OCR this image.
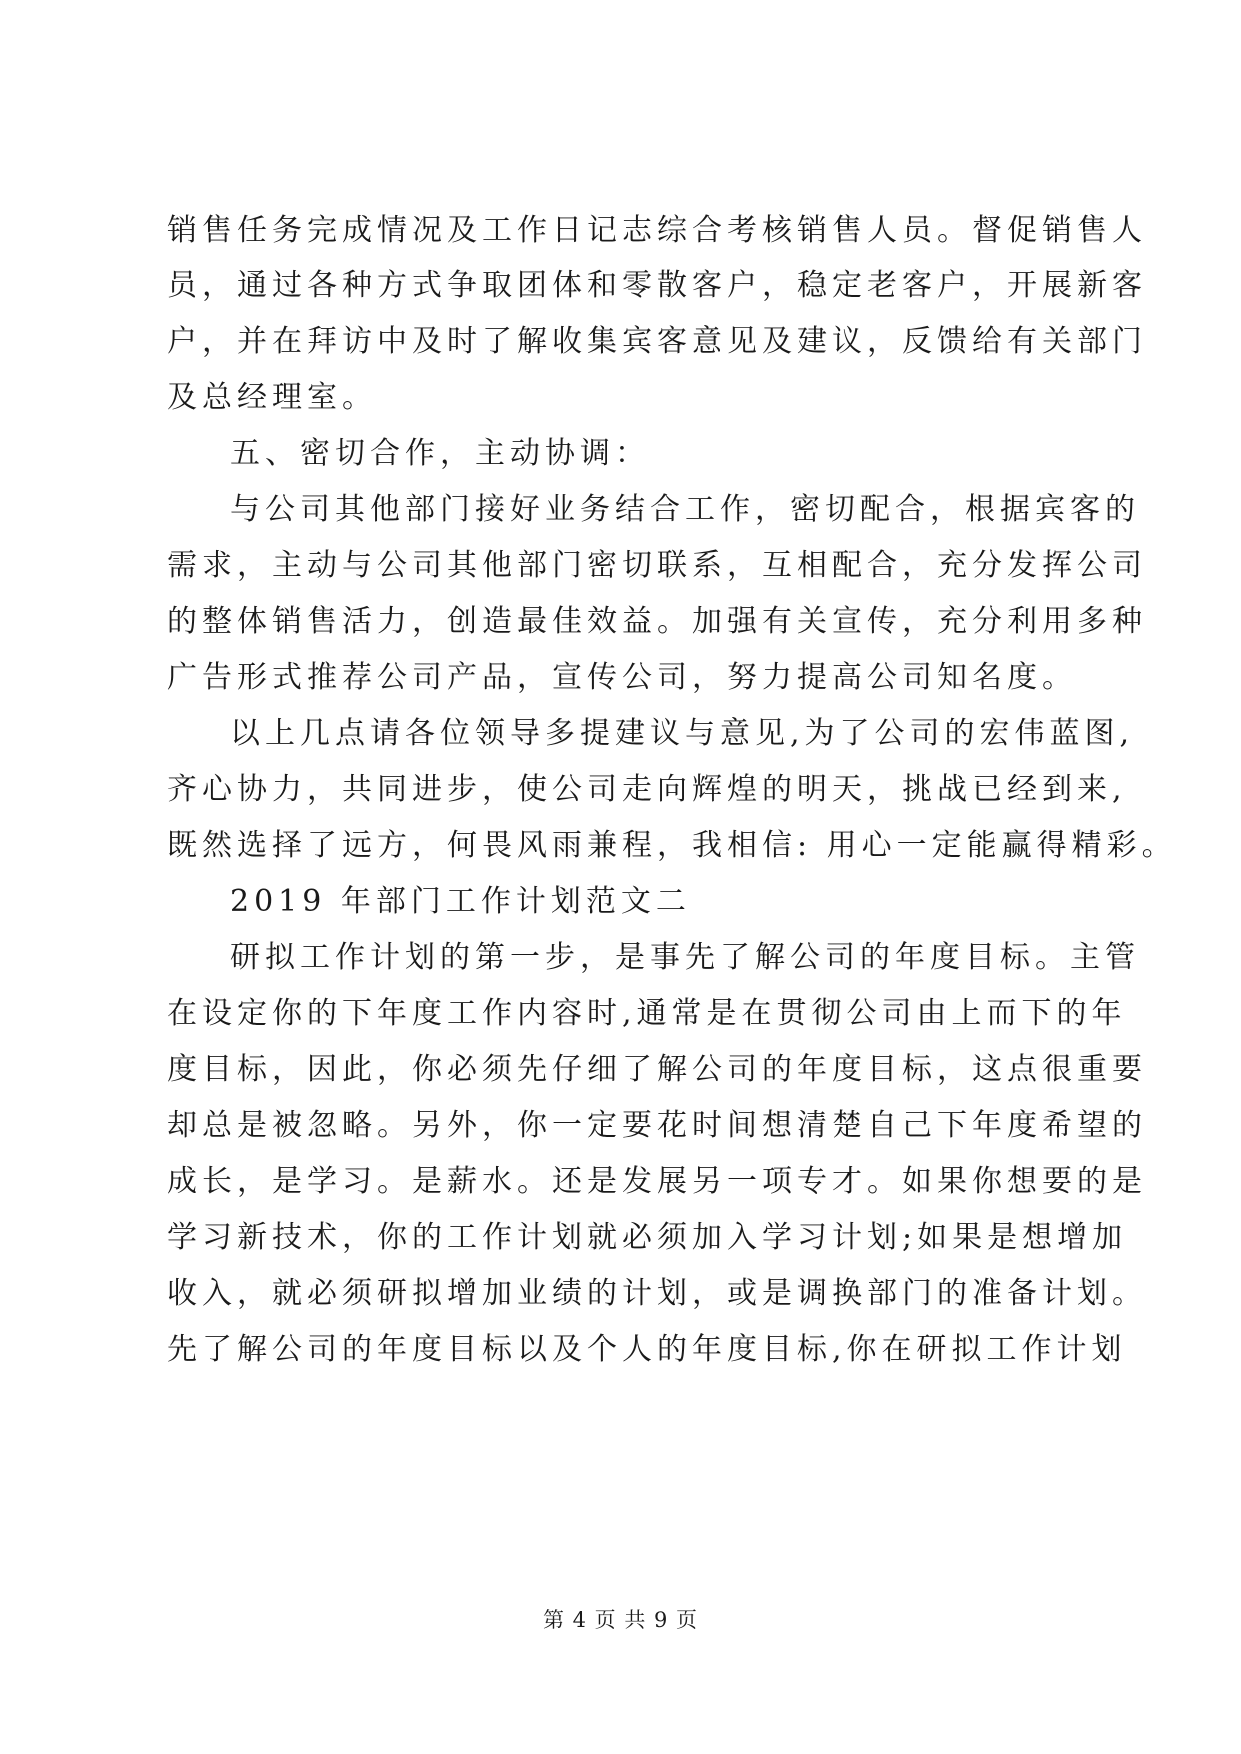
销售任务完成情况及工作日记志综合考核销售人员。督促销售人
员，通过各种方式争取团体和零散客户，稳定老客户，开展新客
户，并在拜访中及时了解收集宾客意见及建议，反馈给有关部门
及总经理室。
五、密切合作，主动协调：
与公司其他部门接好业务结合工作，密切配合，根据宾客的
需求，主动与公司其他部门密切联系，互相配合，充分发挥公司
的整体销售活力，创造最佳效益。加强有关宣传，充分利用多种
广告形式推荐公司产品，宣传公司，努力提高公司知名度。
以上几点请各位领导多提建议与意见,为了公司的宏伟蓝图,
齐心协力，共同进步，使公司走向辉煌的明天，挑战已经到来,
既然选择了远方，何畏风雨兼程，我相信: 用心一定能赢得精彩。
2019 年部门工作计划范文二
研拟工作计划的第一步，是事先了解公司的年度目标。主管
在设定你的下年度工作内容时,通常是在贯彻公司由上而下的年
度目标，因此，你必须先仔细了解公司的年度目标，这点很重要
却总是被忽略。另外，你一定要花时间想清楚自己下年度希望的
成长，是学习。是薪水。还是发展另一项专才。如果你想要的是
学习新技术，你的工作计划就必须加入学习计划;如果是想增加
收入，就必须研拟增加业绩的计划，或是调换部门的准备计划。
先了解公司的年度目标以及个人的年度目标,你在研拟工作计划
第 4 页 共 9 页
